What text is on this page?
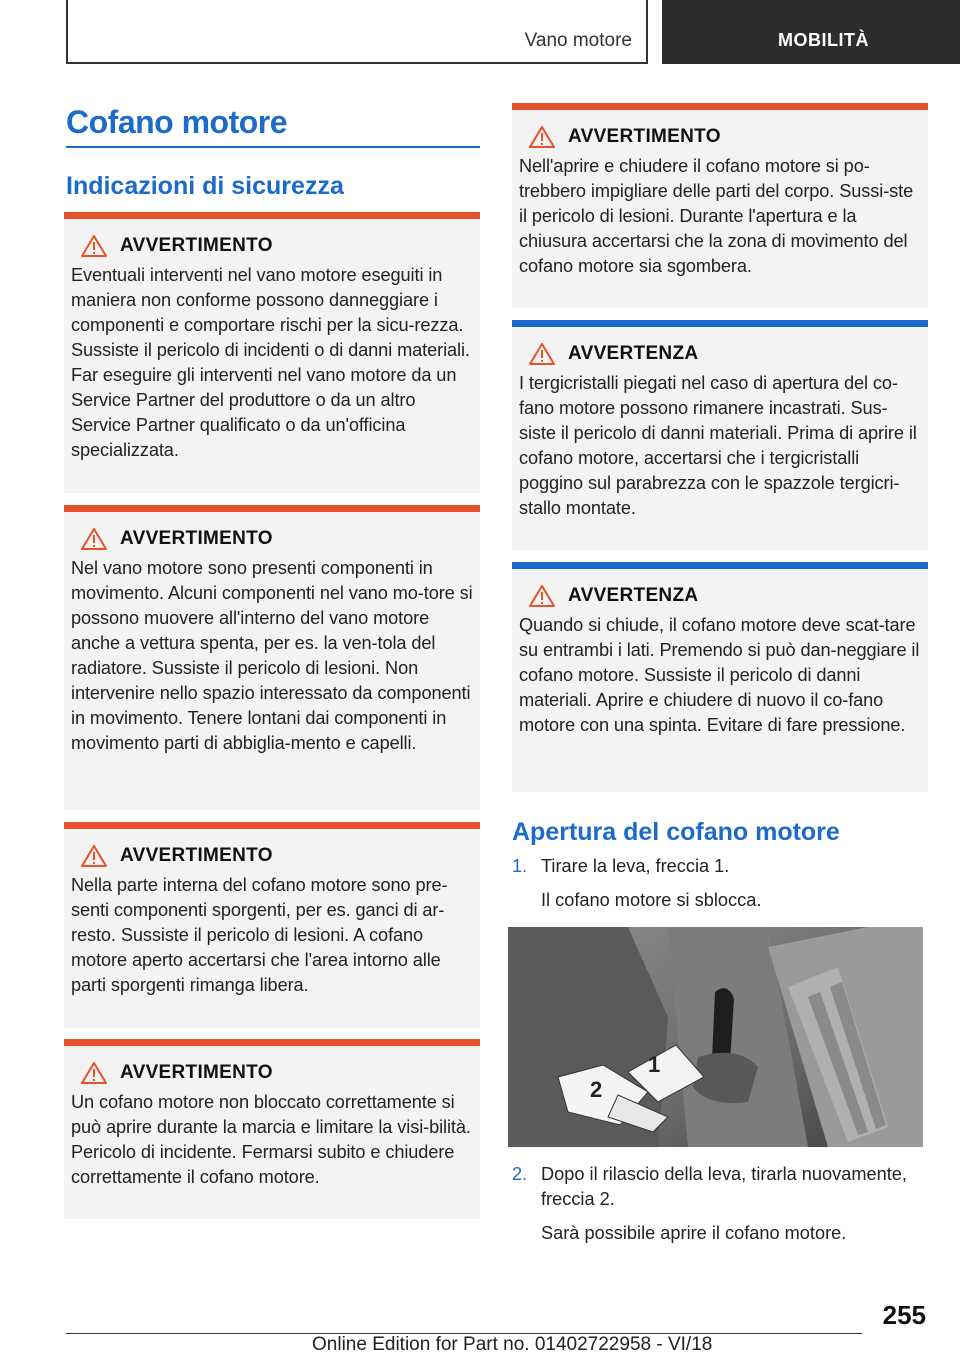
Vano motore	MOBILITÀ
Cofano motore
Indicazioni di sicurezza
AVVERTIMENTO

Eventuali interventi nel vano motore eseguiti in maniera non conforme possono danneggiare i componenti e comportare rischi per la sicu-rezza. Sussiste il pericolo di incidenti o di danni materiali. Far eseguire gli interventi nel vano motore da un Service Partner del produttore o da un altro Service Partner qualificato o da un'officina specializzata.

AVVERTIMENTO

Nel vano motore sono presenti componenti in movimento. Alcuni componenti nel vano mo-tore si possono muovere all'interno del vano motore anche a vettura spenta, per es. la ven-tola del radiatore. Sussiste il pericolo di lesioni. Non intervenire nello spazio interessato da componenti in movimento. Tenere lontani dai componenti in movimento parti di abbiglia-mento e capelli.

AVVERTIMENTO

Nella parte interna del cofano motore sono pre-senti componenti sporgenti, per es. ganci di ar-resto. Sussiste il pericolo di lesioni. A cofano motore aperto accertarsi che l'area intorno alle parti sporgenti rimanga libera.

AVVERTIMENTO

Un cofano motore non bloccato correttamente si può aprire durante la marcia e limitare la visi-bilità. Pericolo di incidente. Fermarsi subito e chiudere correttamente il cofano motore.

AVVERTIMENTO

Nell'aprire e chiudere il cofano motore si po-trebbero impigliare delle parti del corpo. Sussi-ste il pericolo di lesioni. Durante l'apertura e la chiusura accertarsi che la zona di movimento del cofano motore sia sgombera.

AVVERTENZA

I tergicristalli piegati nel caso di apertura del co-fano motore possono rimanere incastrati. Sus-siste il pericolo di danni materiali. Prima di aprire il cofano motore, accertarsi che i tergicristalli poggino sul parabrezza con le spazzole tergicri-stallo montate.

AVVERTENZA

Quando si chiude, il cofano motore deve scat-tare su entrambi i lati. Premendo si può dan-neggiare il cofano motore. Sussiste il pericolo di danni materiali. Aprire e chiudere di nuovo il co-fano motore con una spinta. Evitare di fare pressione.

Apertura del cofano motore
1. Tirare la leva, freccia 1.
Il cofano motore si sblocca.
1
2
2. Dopo il rilascio della leva, tirarla nuovamente, freccia 2.
Sarà possibile aprire il cofano motore.
255
Online Edition for Part no. 01402722958 - VI/18
